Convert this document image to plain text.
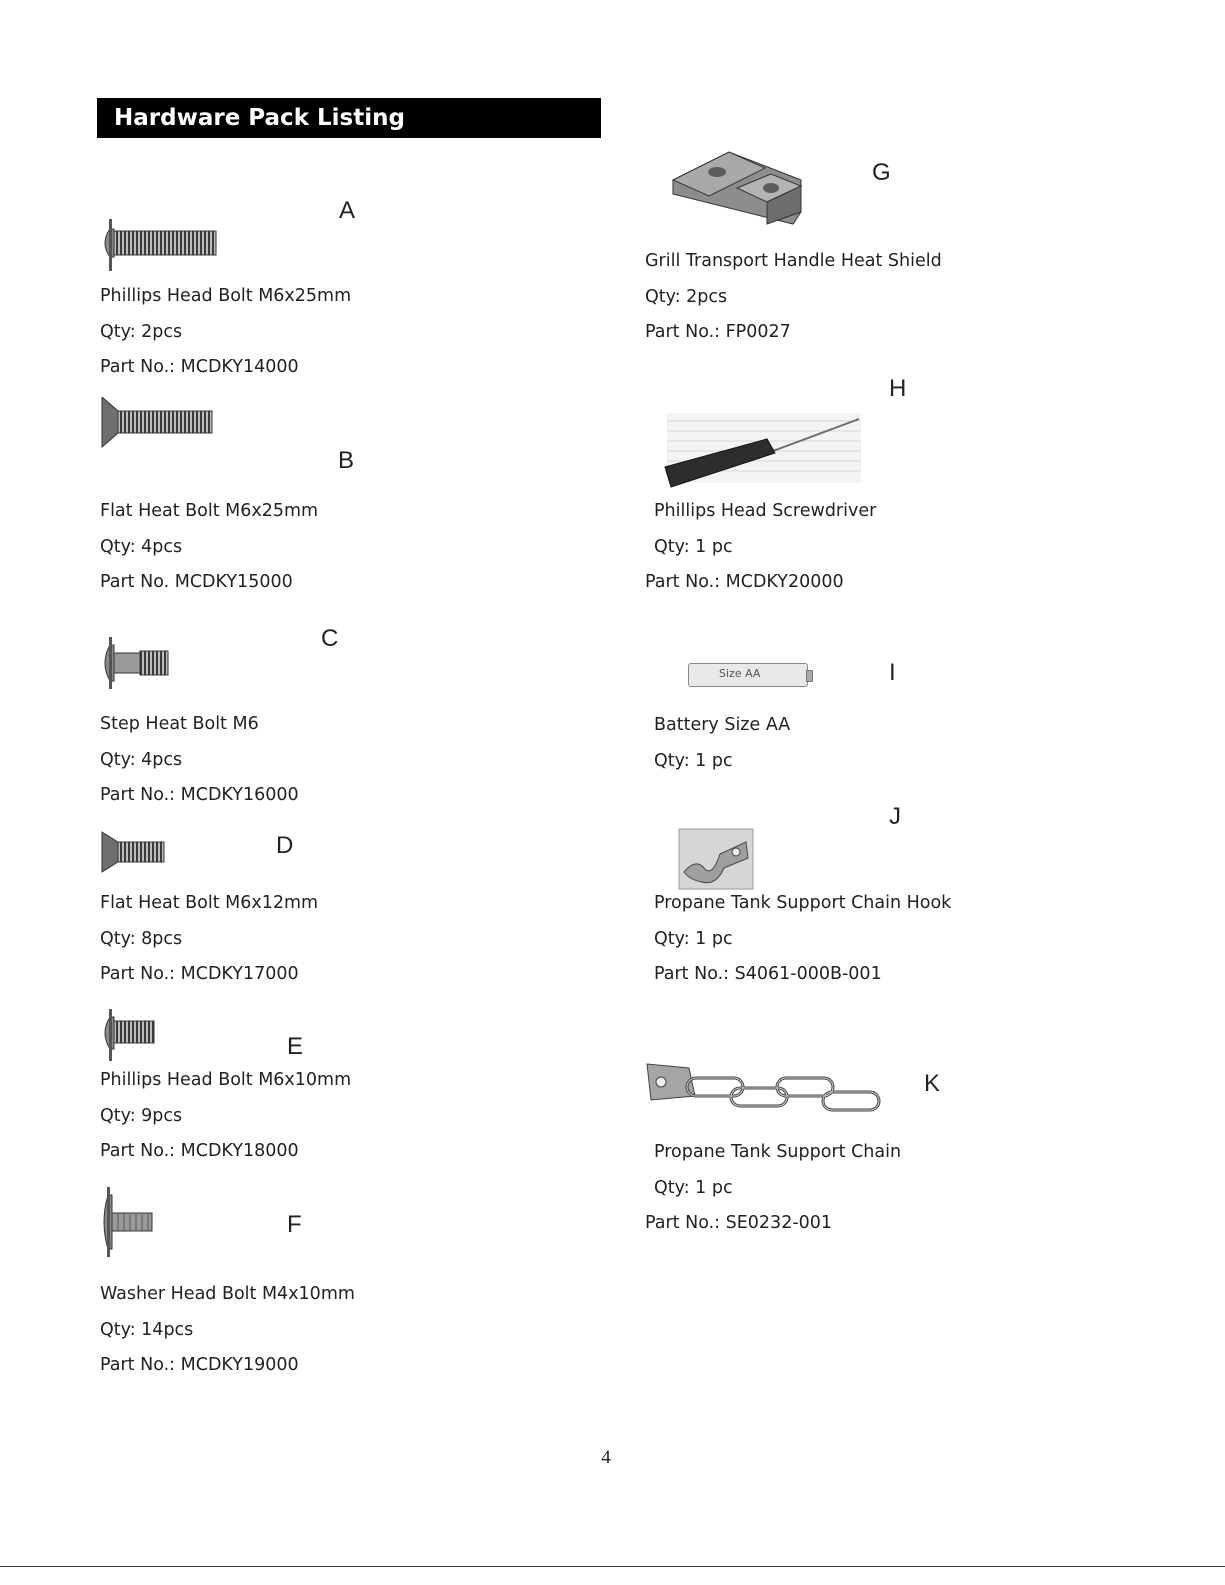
Hardware Pack Listing
A
Phillips Head Bolt M6x25mm
Qty: 2pcs
Part No.: MCDKY14000
B
Flat Heat Bolt M6x25mm
Qty: 4pcs
Part No. MCDKY15000
C
Step Heat Bolt M6
Qty: 4pcs
Part No.: MCDKY16000
D
Flat Heat Bolt M6x12mm
Qty: 8pcs
Part No.: MCDKY17000
E
Phillips Head Bolt M6x10mm
Qty: 9pcs
Part No.: MCDKY18000
F
Washer Head Bolt M4x10mm
Qty: 14pcs
Part No.: MCDKY19000
G
Grill Transport Handle Heat Shield
Qty: 2pcs
Part No.: FP0027
H
Phillips Head Screwdriver
Qty: 1 pc
Part No.: MCDKY20000
I
Size AA
Battery Size AA
Qty: 1 pc
J
Propane Tank Support Chain Hook
Qty: 1 pc
Part No.: S4061-000B-001
K
Propane Tank Support Chain
Qty: 1 pc
Part No.: SE0232-001
4
